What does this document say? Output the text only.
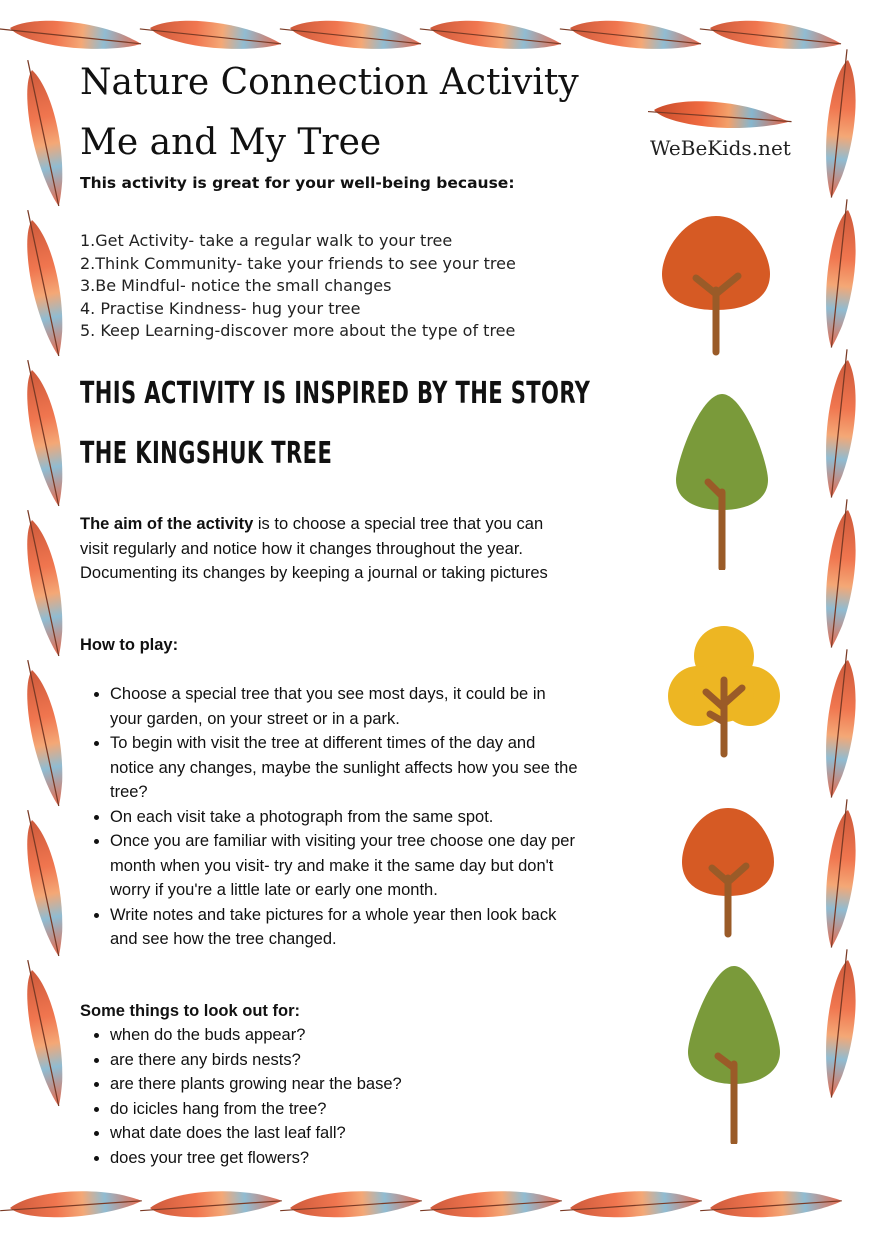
Nature Connection Activity
Me and My Tree
This activity is great for your well-being because:
1.Get Activity- take a regular walk to your tree
2.Think Community- take your friends to see your tree
3.Be Mindful- notice the small changes
4. Practise Kindness- hug your tree
5. Keep Learning-discover more about the type of tree
THIS ACTIVITY IS INSPIRED BY THE STORY
THE KINGSHUK TREE

The aim of the activity is to choose a special tree that you can visit regularly and notice how it changes throughout the year. Documenting its changes by keeping a journal or taking pictures

How to play:
• Choose a special tree that you see most days, it could be in your garden, on your street or in a park.
• To begin with visit the tree at different times of the day and notice any changes, maybe the sunlight affects how you see the tree?
• On each visit take a photograph from the same spot.
• Once you are familiar with visiting your tree choose one day per month when you visit- try and make it the same day but don't worry if you're a little late or early one month.
• Write notes and take pictures for a whole year then look back and see how the tree changed.
Some things to look out for:
• when do the buds appear?
• are there any birds nests?
• are there plants growing near the base?
• do icicles hang from the tree?
• what date does the last leaf fall?
• does your tree get flowers?
WeBeKids.net
